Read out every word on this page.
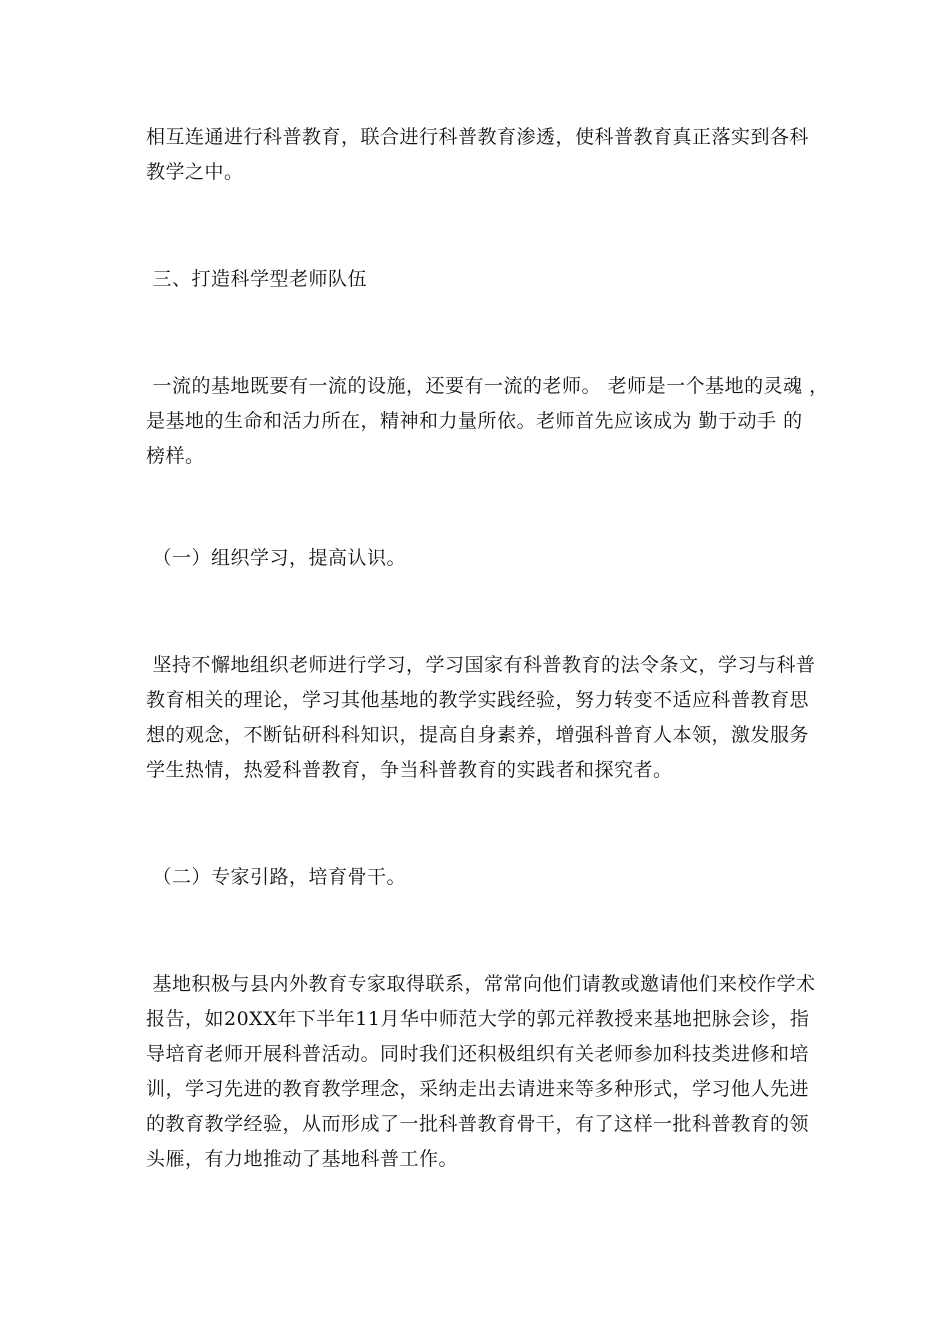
相互连通进行科普教育，联合进行科普教育渗透，使科普教育真正落实到各科
教学之中。
三、打造科学型老师队伍
一流的基地既要有一流的设施，还要有一流的老师。 老师是一个基地的灵魂 ，
是基地的生命和活力所在，精神和力量所依。老师首先应该成为 勤于动手 的
榜样。
（一）组织学习，提高认识。
坚持不懈地组织老师进行学习，学习国家有科普教育的法令条文，学习与科普
教育相关的理论，学习其他基地的教学实践经验，努力转变不适应科普教育思
想的观念，不断钻研科科知识，提高自身素养，增强科普育人本领，激发服务
学生热情，热爱科普教育，争当科普教育的实践者和探究者。
（二）专家引路，培育骨干。
基地积极与县内外教育专家取得联系，常常向他们请教或邀请他们来校作学术
报告，如20XX年下半年11月华中师范大学的郭元祥教授来基地把脉会诊，指
导培育老师开展科普活动。同时我们还积极组织有关老师参加科技类进修和培
训，学习先进的教育教学理念，采纳走出去请进来等多种形式，学习他人先进
的教育教学经验，从而形成了一批科普教育骨干，有了这样一批科普教育的领
头雁，有力地推动了基地科普工作。
